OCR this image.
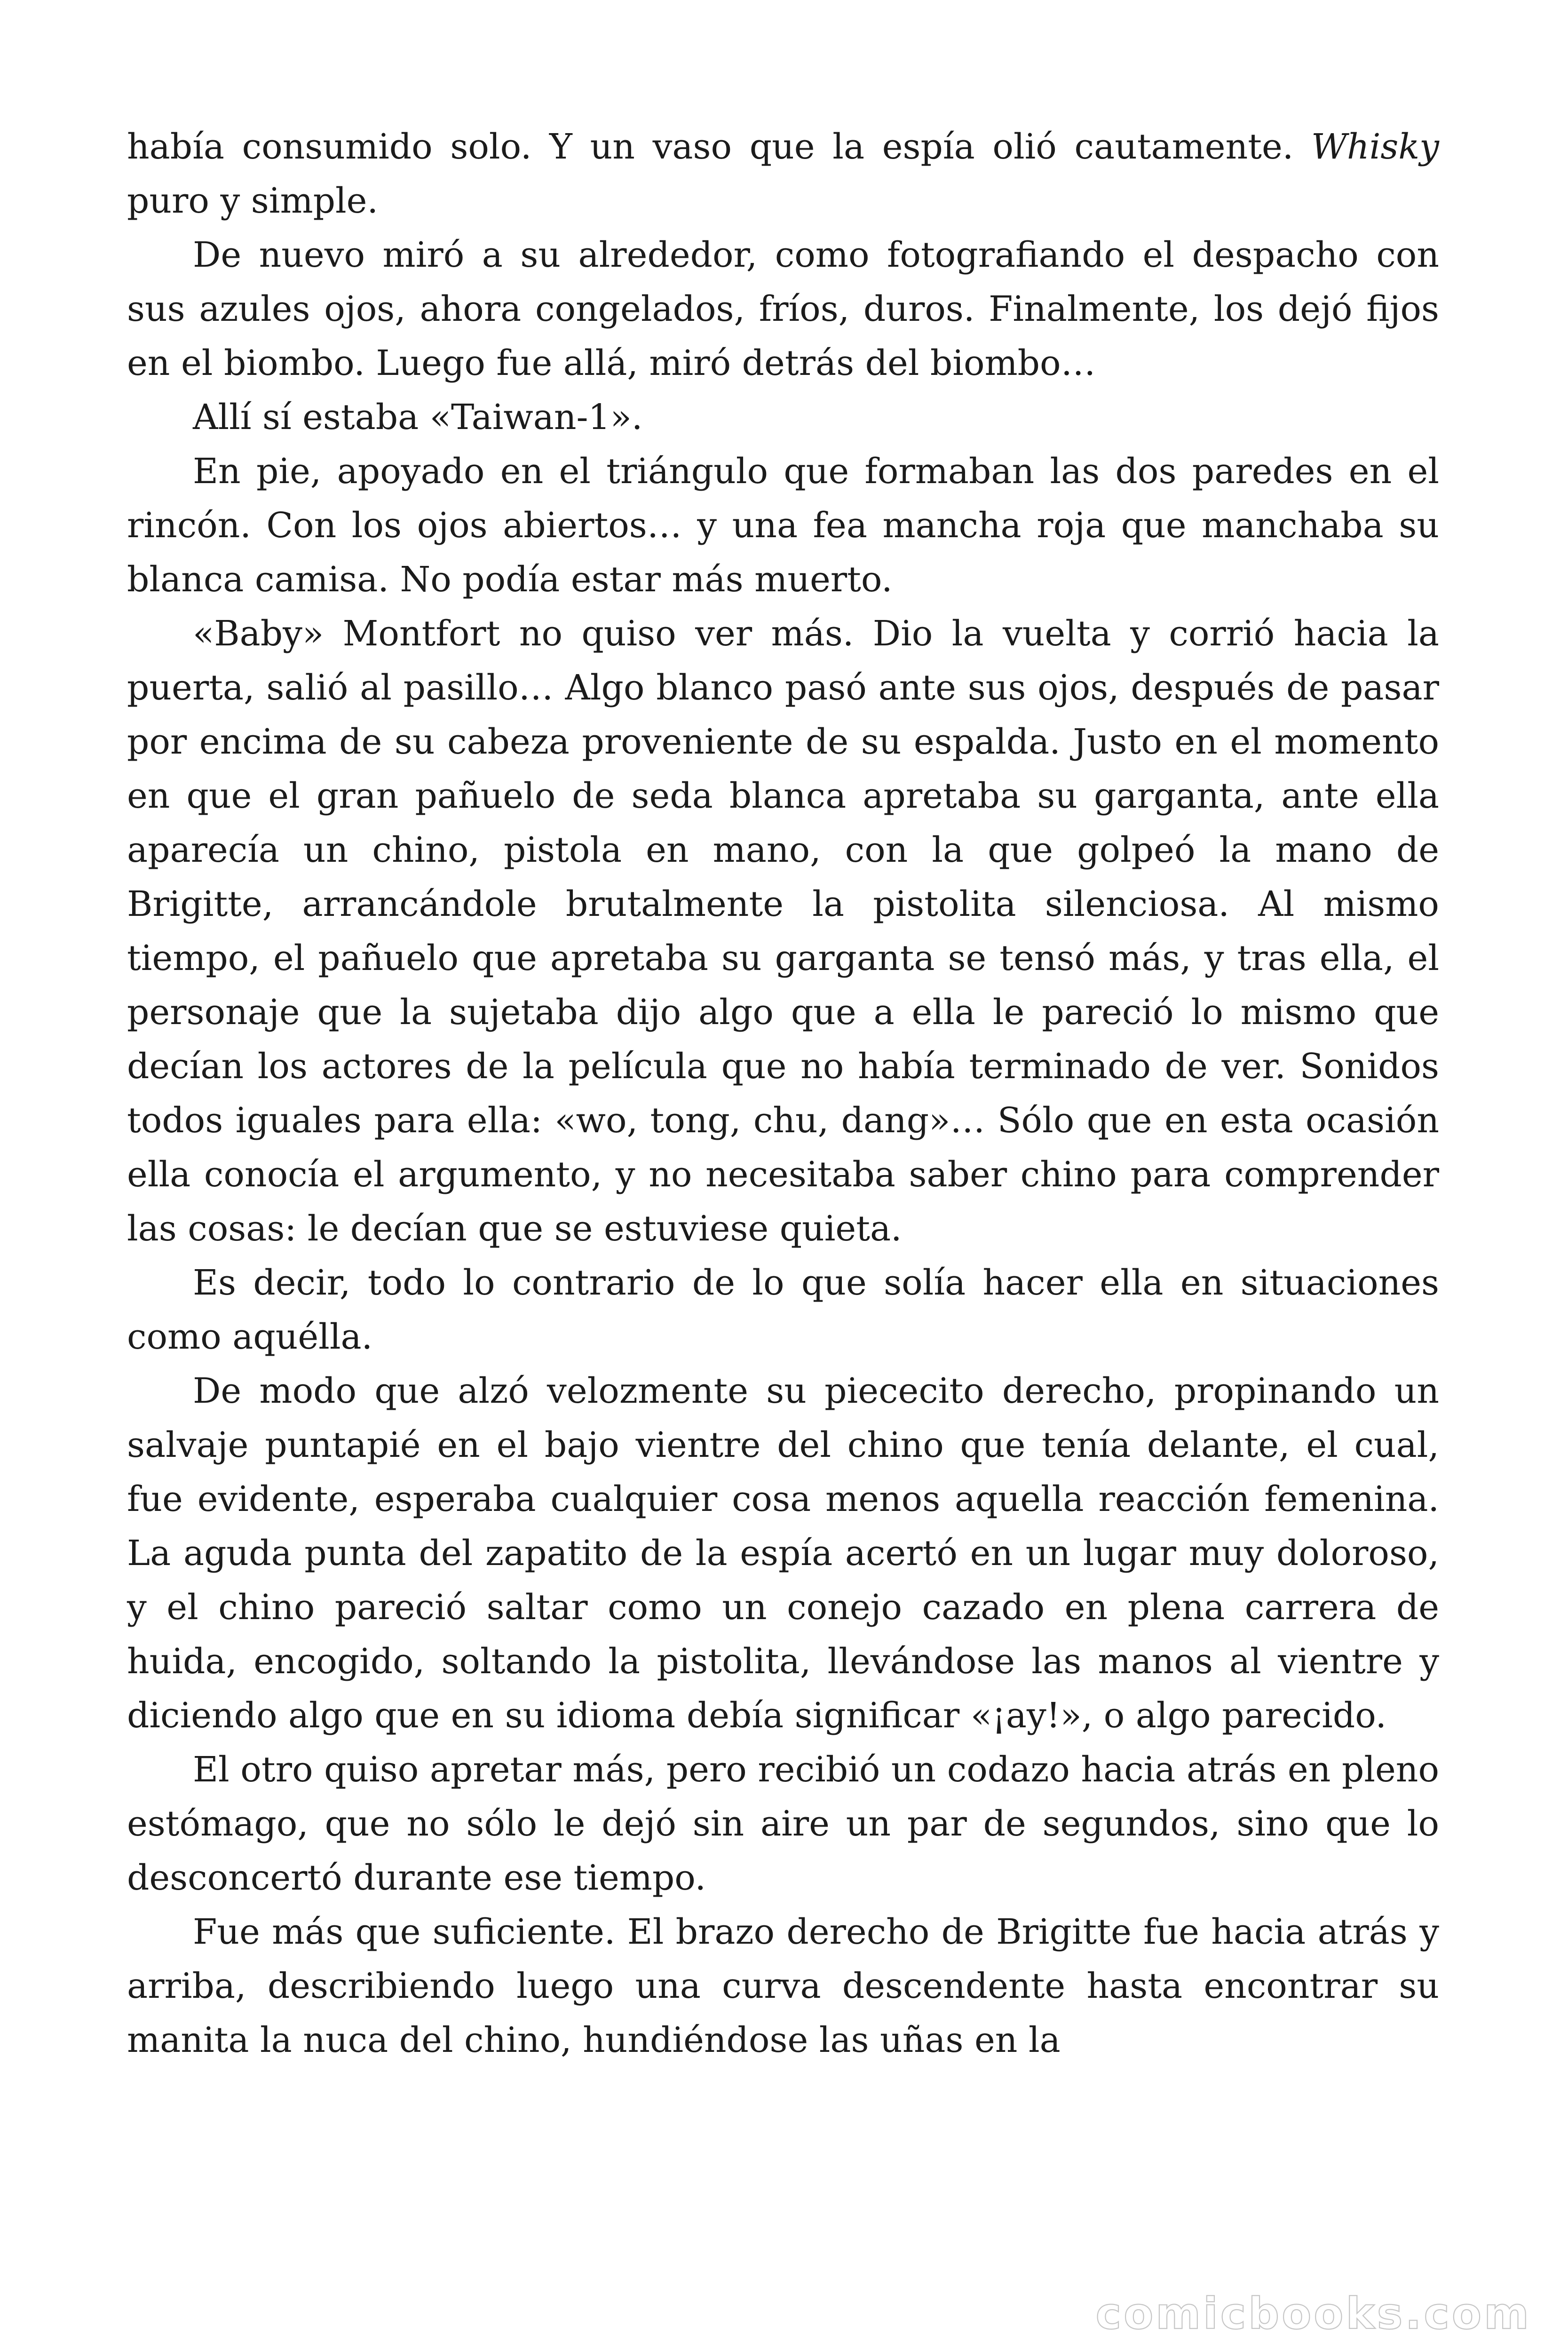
había consumido solo. Y un vaso que la espía olió cautamente. Whisky puro y simple.

De nuevo miró a su alrededor, como fotografiando el despacho con sus azules ojos, ahora congelados, fríos, duros. Finalmente, los dejó fijos en el biombo. Luego fue allá, miró detrás del biombo…

Allí sí estaba «Taiwan-1».

En pie, apoyado en el triángulo que formaban las dos paredes en el rincón. Con los ojos abiertos… y una fea mancha roja que manchaba su blanca camisa. No podía estar más muerto.

«Baby» Montfort no quiso ver más. Dio la vuelta y corrió hacia la puerta, salió al pasillo… Algo blanco pasó ante sus ojos, después de pasar por encima de su cabeza proveniente de su espalda. Justo en el momento en que el gran pañuelo de seda blanca apretaba su garganta, ante ella aparecía un chino, pistola en mano, con la que golpeó la mano de Brigitte, arrancándole brutalmente la pistolita silenciosa. Al mismo tiempo, el pañuelo que apretaba su garganta se tensó más, y tras ella, el personaje que la sujetaba dijo algo que a ella le pareció lo mismo que decían los actores de la película que no había terminado de ver. Sonidos todos iguales para ella: «wo, tong, chu, dang»… Sólo que en esta ocasión ella conocía el argumento, y no necesitaba saber chino para comprender las cosas: le decían que se estuviese quieta.

Es decir, todo lo contrario de lo que solía hacer ella en situaciones como aquélla.

De modo que alzó velozmente su piececito derecho, propinando un salvaje puntapié en el bajo vientre del chino que tenía delante, el cual, fue evidente, esperaba cualquier cosa menos aquella reacción femenina. La aguda punta del zapatito de la espía acertó en un lugar muy doloroso, y el chino pareció saltar como un conejo cazado en plena carrera de huida, encogido, soltando la pistolita, llevándose las manos al vientre y diciendo algo que en su idioma debía significar «¡ay!», o algo parecido.

El otro quiso apretar más, pero recibió un codazo hacia atrás en pleno estómago, que no sólo le dejó sin aire un par de segundos, sino que lo desconcertó durante ese tiempo.

Fue más que suficiente. El brazo derecho de Brigitte fue hacia atrás y arriba, describiendo luego una curva descendente hasta encontrar su manita la nuca del chino, hundiéndose las uñas en la

comicbooks.com
